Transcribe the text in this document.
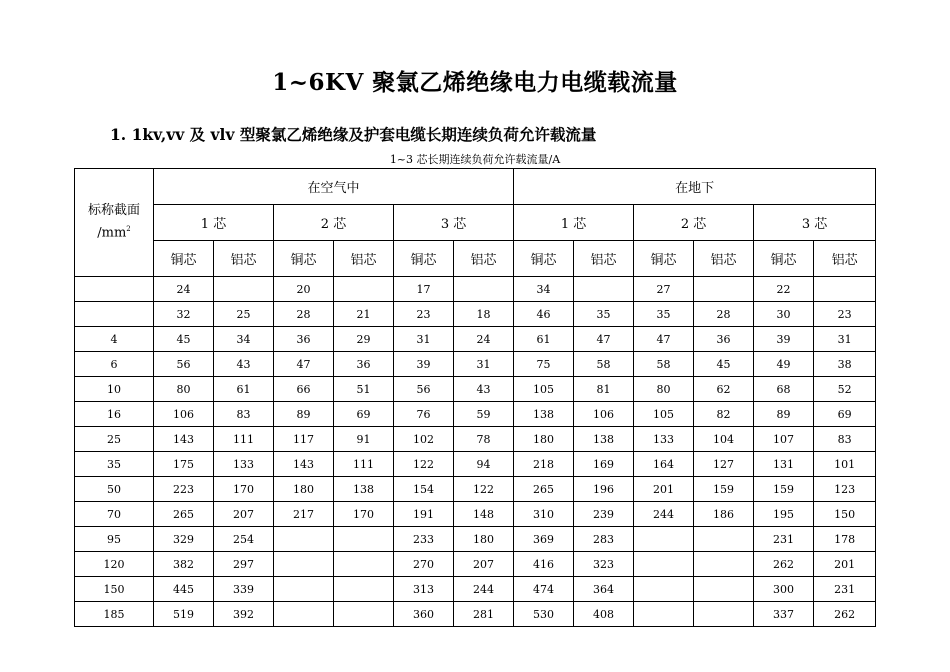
1~6KV 聚氯乙烯绝缘电力电缆载流量
1. 1kv,vv 及 vlv 型聚氯乙烯绝缘及护套电缆长期连续负荷允许载流量
1~3 芯长期连续负荷允许载流量/A
标称截面
$/mm^2$	在空气中						在地下					
	1 芯		2 芯		3 芯		1 芯		2 芯		3 芯	
	铜芯	铝芯	铜芯	铝芯	铜芯	铝芯	铜芯	铝芯	铜芯	铝芯	铜芯	铝芯
	24		20		17		34		27		22	
	32	25	28	21	23	18	46	35	35	28	30	23
4	45	34	36	29	31	24	61	47	47	36	39	31
6	56	43	47	36	39	31	75	58	58	45	49	38
10	80	61	66	51	56	43	105	81	80	62	68	52
16	106	83	89	69	76	59	138	106	105	82	89	69
25	143	111	117	91	102	78	180	138	133	104	107	83
35	175	133	143	111	122	94	218	169	164	127	131	101
50	223	170	180	138	154	122	265	196	201	159	159	123
70	265	207	217	170	191	148	310	239	244	186	195	150
95	329	254			233	180	369	283			231	178
120	382	297			270	207	416	323			262	201
150	445	339			313	244	474	364			300	231
185	519	392			360	281	530	408			337	262
